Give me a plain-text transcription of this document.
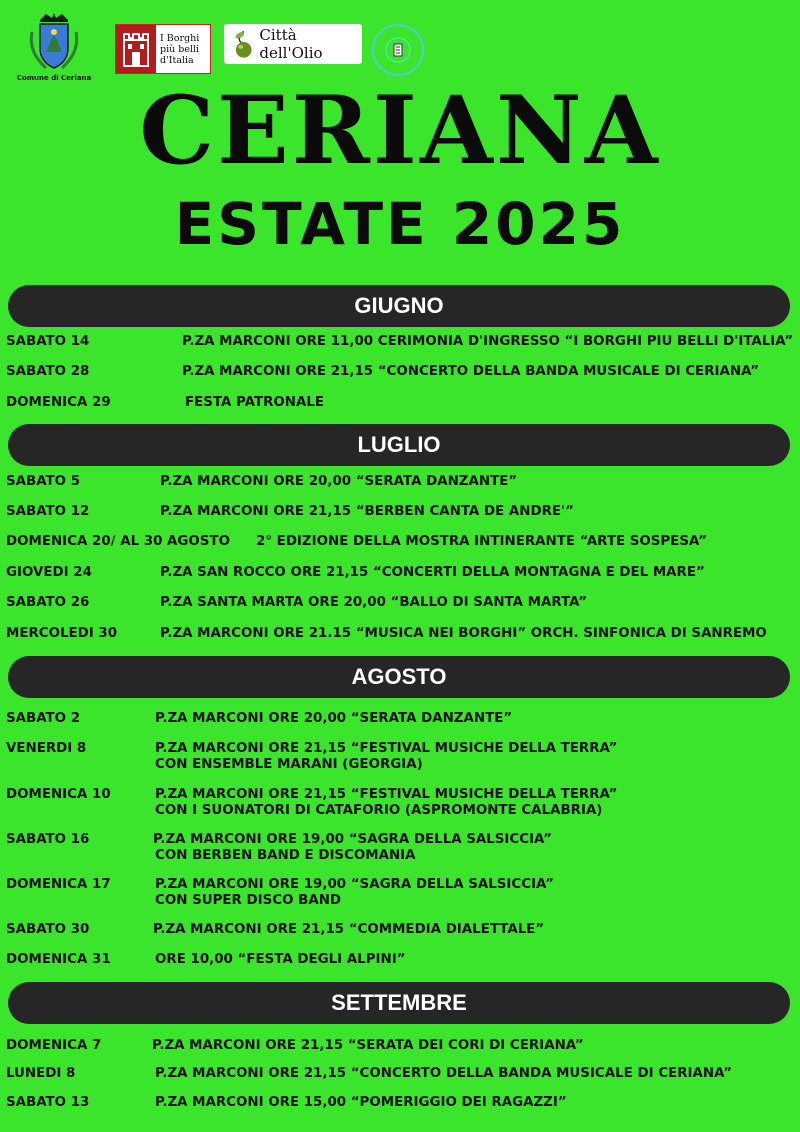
Comune di Ceriana
I Borghi
più belli
d'Italia
Città dell'Olio
CERIANA
ESTATE 2025
GIUGNO
SABATO 14	P.ZA MARCONI ORE 11,00 CERIMONIA D'INGRESSO “I BORGHI PIU BELLI D'ITALIA”
SABATO 28	P.ZA MARCONI ORE 21,15 “CONCERTO DELLA BANDA MUSICALE DI CERIANA”
DOMENICA 29	FESTA PATRONALE
LUGLIO
SABATO 5	P.ZA MARCONI ORE 20,00 “SERATA DANZANTE”
SABATO 12	P.ZA MARCONI ORE 21,15 “BERBEN CANTA DE ANDRE'”
DOMENICA 20/ AL 30 AGOSTO 2° EDIZIONE DELLA MOSTRA INTINERANTE “ARTE SOSPESA”
GIOVEDI 24	P.ZA SAN ROCCO ORE 21,15 “CONCERTI DELLA MONTAGNA E DEL MARE”
SABATO 26	P.ZA SANTA MARTA ORE 20,00 “BALLO DI SANTA MARTA”
MERCOLEDI 30	P.ZA MARCONI ORE 21.15 “MUSICA NEI BORGHI” ORCH. SINFONICA DI SANREMO
AGOSTO
SABATO 2	P.ZA MARCONI ORE 20,00 “SERATA DANZANTE”
VENERDI 8	P.ZA MARCONI ORE 21,15 “FESTIVAL MUSICHE DELLA TERRA”
CON ENSEMBLE MARANI (GEORGIA)
DOMENICA 10	P.ZA MARCONI ORE 21,15 “FESTIVAL MUSICHE DELLA TERRA”
CON I SUONATORI DI CATAFORIO (ASPROMONTE CALABRIA)
SABATO 16	P.ZA MARCONI ORE 19,00 “SAGRA DELLA SALSICCIA”
CON BERBEN BAND E DISCOMANIA
DOMENICA 17	P.ZA MARCONI ORE 19,00 “SAGRA DELLA SALSICCIA”
CON SUPER DISCO BAND
SABATO 30	P.ZA MARCONI ORE 21,15 “COMMEDIA DIALETTALE”
DOMENICA 31	ORE 10,00 “FESTA DEGLI ALPINI”
SETTEMBRE
DOMENICA 7	P.ZA MARCONI ORE 21,15 “SERATA DEI CORI DI CERIANA”
LUNEDI 8	P.ZA MARCONI ORE 21,15 “CONCERTO DELLA BANDA MUSICALE DI CERIANA”
SABATO 13	P.ZA MARCONI ORE 15,00 “POMERIGGIO DEI RAGAZZI”
